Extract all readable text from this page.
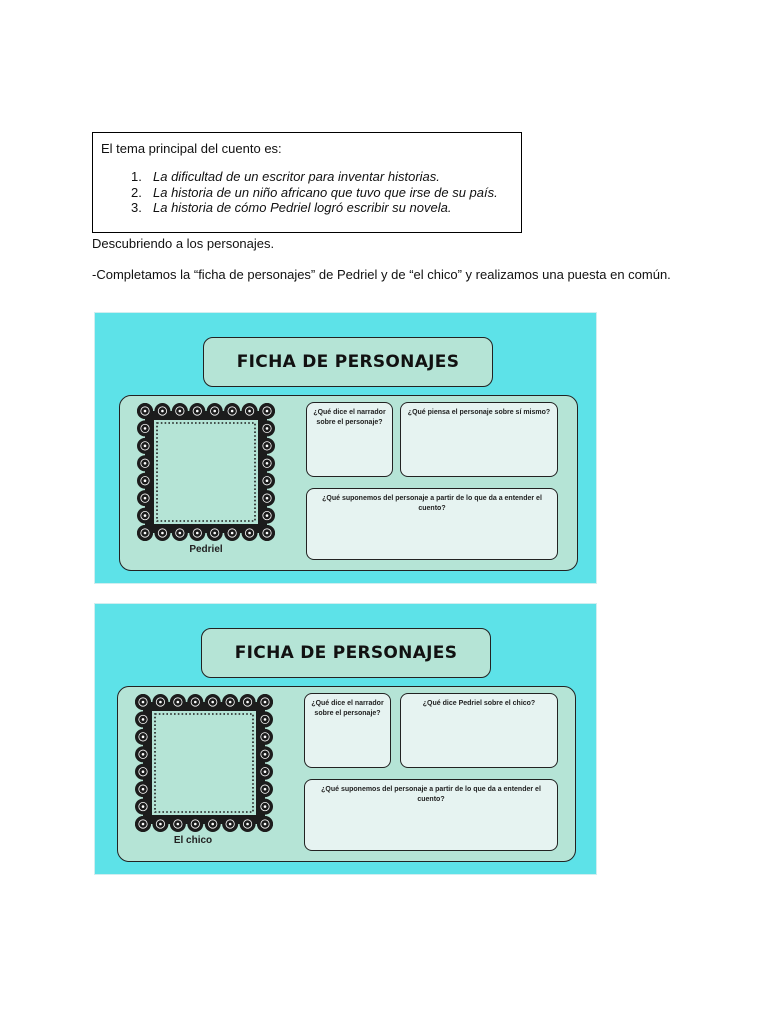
El tema principal del cuento es:

1. La dificultad de un escritor para inventar historias.
2. La historia de un niño africano que tuvo que irse de su país.
3. La historia de cómo Pedriel logró escribir su novela.

Descubriendo a los personajes.

-Completamos la “ficha de personajes” de Pedriel y de “el chico” y realizamos una puesta en común.

FICHA DE PERSONAJES
Pedriel
¿Qué dice el narrador sobre el personaje?
¿Qué piensa el personaje sobre sí mismo?
¿Qué suponemos del personaje a partir de lo que da a entender el cuento?
FICHA DE PERSONAJES
El chico
¿Qué dice el narrador sobre el personaje?
¿Qué dice Pedriel sobre el chico?
¿Qué suponemos del personaje a partir de lo que da a entender el cuento?
